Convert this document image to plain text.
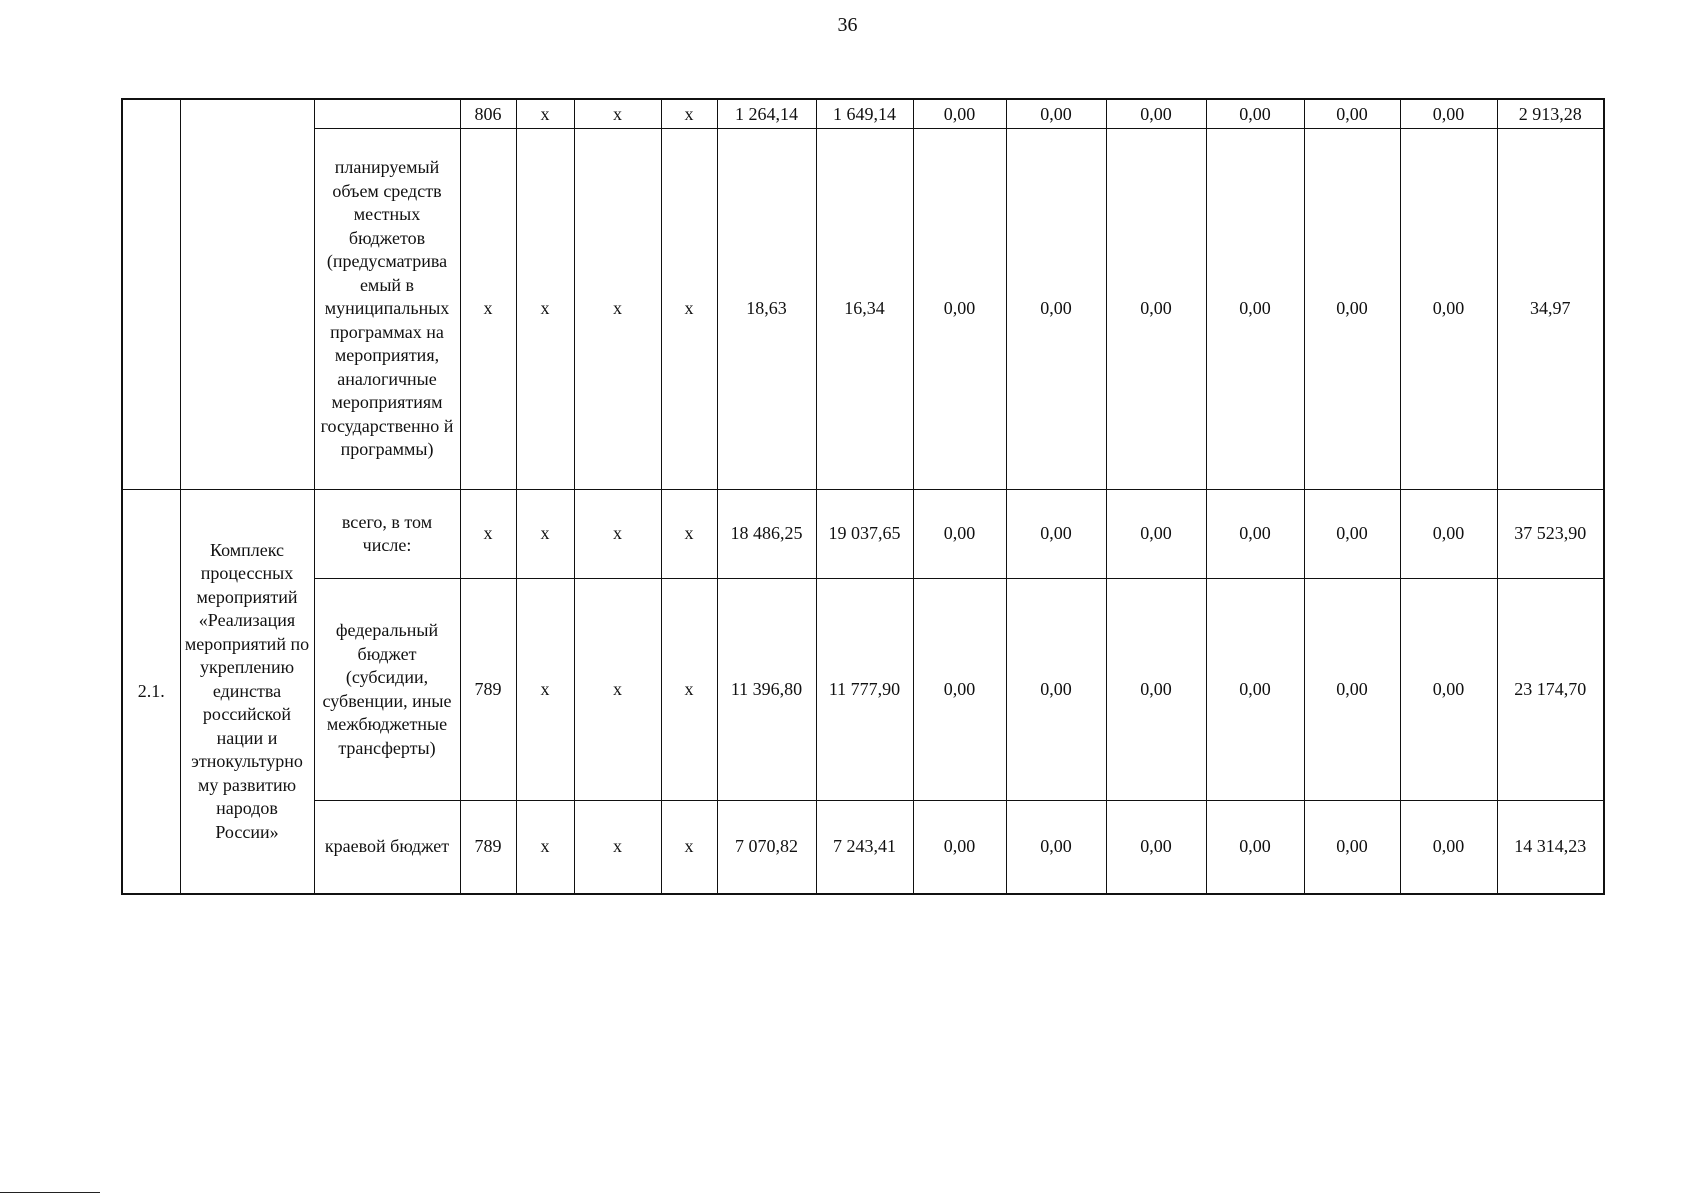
36
			806	x	x	x	1 264,14	1 649,14	0,00	0,00	0,00	0,00	0,00	0,00	2 913,28
		планируемый объем средств местных бюджетов (предусматрива емый в муниципальных программах на мероприятия, аналогичные мероприятиям государственно й программы)	x	x	x	x	18,63	16,34	0,00	0,00	0,00	0,00	0,00	0,00	34,97
2.1.	Комплекс процессных мероприятий «Реализация мероприятий по укреплению единства российской нации и этнокультурно му развитию народов России»	всего, в том числе:	x	x	x	x	18 486,25	19 037,65	0,00	0,00	0,00	0,00	0,00	0,00	37 523,90
		федеральный бюджет (субсидии, субвенции, иные межбюджетные трансферты)	789	x	x	x	11 396,80	11 777,90	0,00	0,00	0,00	0,00	0,00	0,00	23 174,70
		краевой бюджет	789	x	x	x	7 070,82	7 243,41	0,00	0,00	0,00	0,00	0,00	0,00	14 314,23
